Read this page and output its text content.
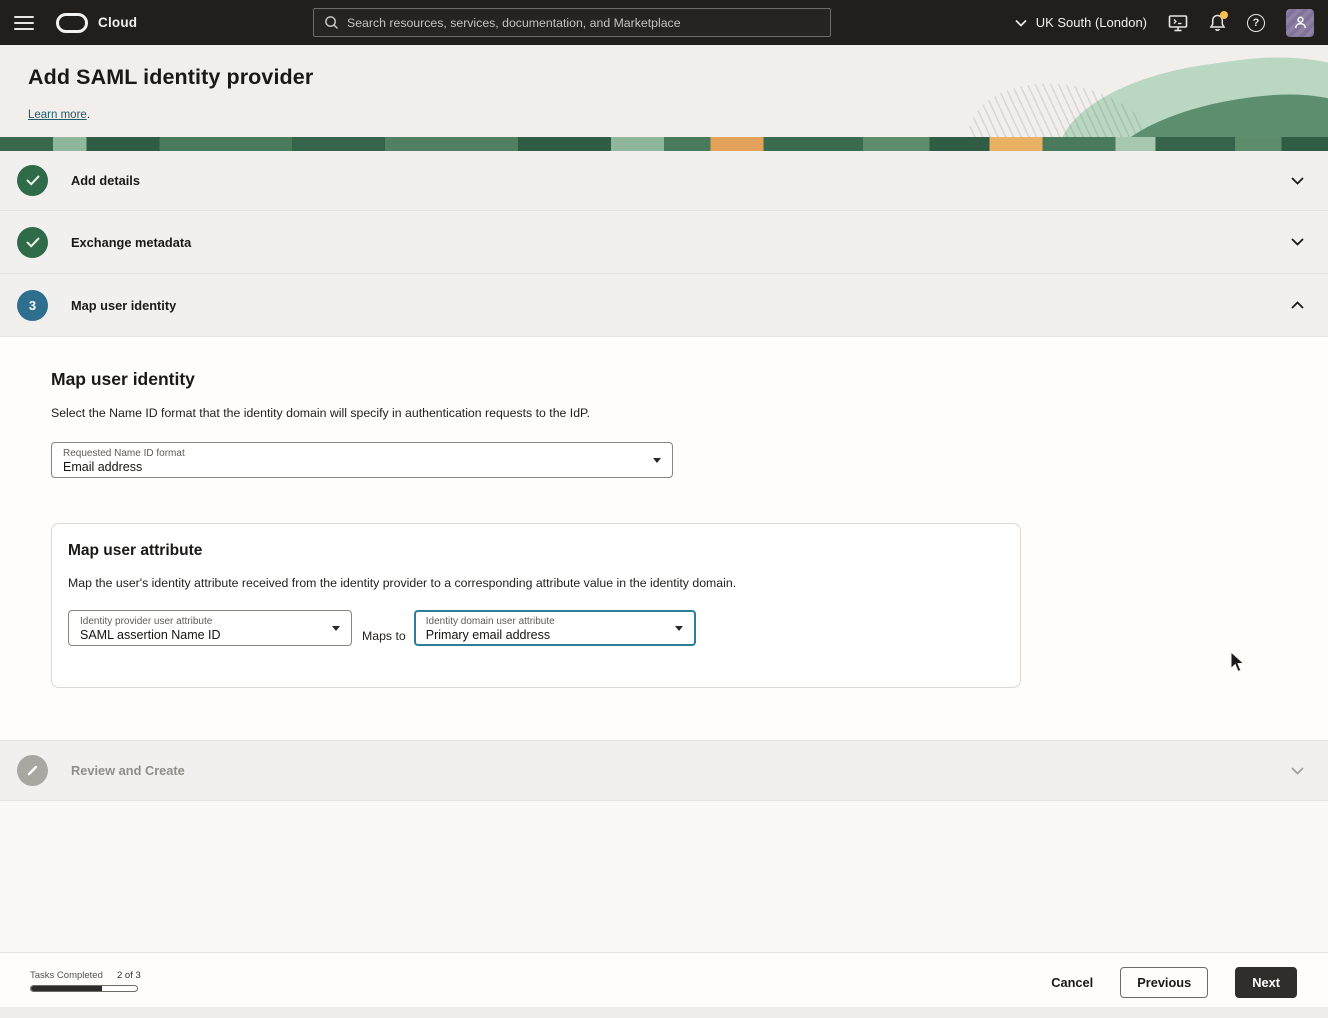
Cloud
Search resources, services, documentation, and Marketplace	UK South (London)	?
Add SAML identity provider
Learn more.
Add details
Exchange metadata
3	Map user identity
Map user identity

Select the Name ID format that the identity domain will specify in authentication requests to the IdP.

Requested Name ID format
Email address
Map user attribute

Map the user's identity attribute received from the identity provider to a corresponding attribute value in the identity domain.

Identity provider user attribute
SAML assertion Name ID	Maps to
Identity domain user attribute
Primary email address
Review and Create
Tasks Completed 2 of 3	Cancel	Previous	Next
